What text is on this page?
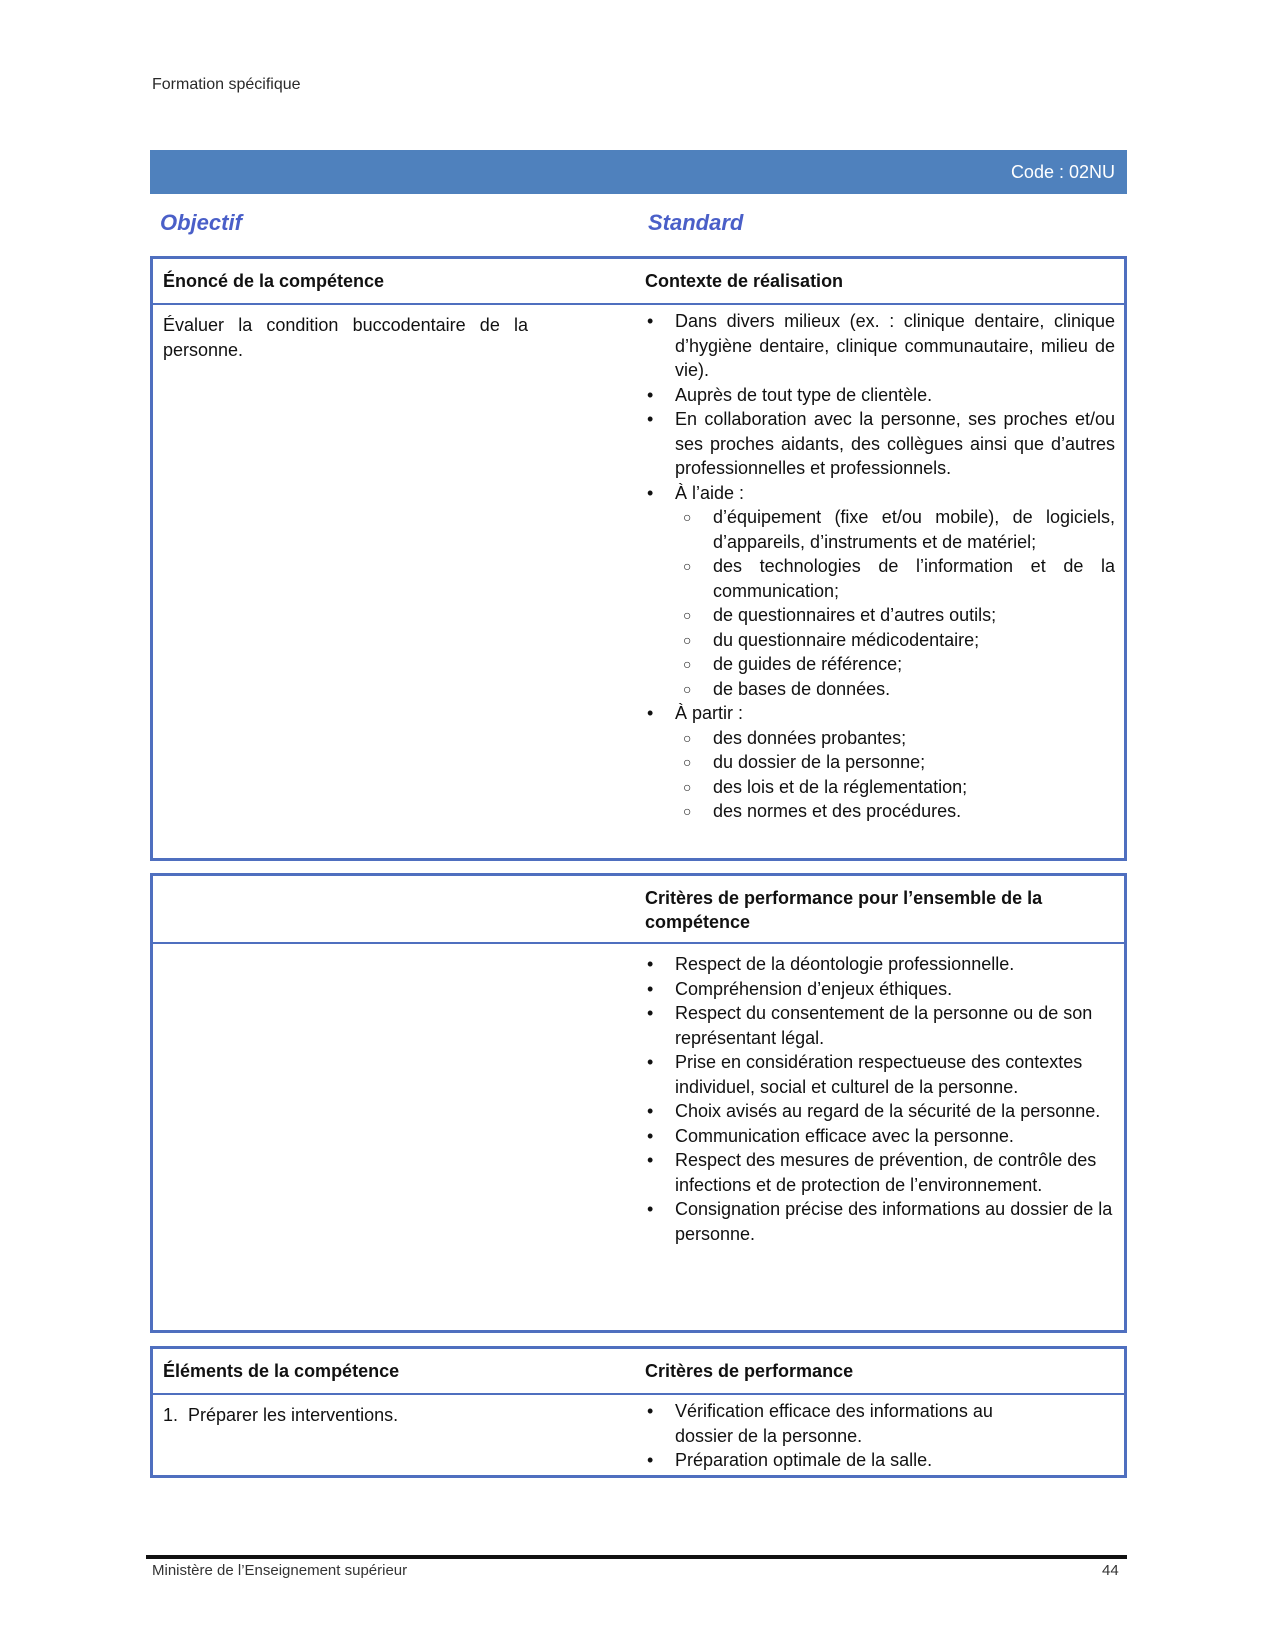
Formation spécifique
Code : 02NU
Objectif	Standard
Énoncé de la compétence	Contexte de réalisation
Évaluer la condition buccodentaire de la personne.
• Dans divers milieux (ex. : clinique dentaire, clinique d’hygiène dentaire, clinique communautaire, milieu de vie).
• Auprès de tout type de clientèle.
• En collaboration avec la personne, ses proches et/ou ses proches aidants, des collègues ainsi que d’autres professionnelles et professionnels.
• À l’aide :
○ d’équipement (fixe et/ou mobile), de logiciels, d’appareils, d’instruments et de matériel;
○ des technologies de l’information et de la communication;
○ de questionnaires et d’autres outils;
○ du questionnaire médicodentaire;
○ de guides de référence;
○ de bases de données.
• À partir :
○ des données probantes;
○ du dossier de la personne;
○ des lois et de la réglementation;
○ des normes et des procédures.
Critères de performance pour l’ensemble de la compétence
• Respect de la déontologie professionnelle.
• Compréhension d’enjeux éthiques.
• Respect du consentement de la personne ou de son représentant légal.
• Prise en considération respectueuse des contextes individuel, social et culturel de la personne.
• Choix avisés au regard de la sécurité de la personne.
• Communication efficace avec la personne.
• Respect des mesures de prévention, de contrôle des infections et de protection de l’environnement.
• Consignation précise des informations au dossier de la personne.
Éléments de la compétence	Critères de performance
1.  Préparer les interventions.
•	Vérification efficace des informations au dossier de la personne.
• Préparation optimale de la salle.
Ministère de l’Enseignement supérieur	44
